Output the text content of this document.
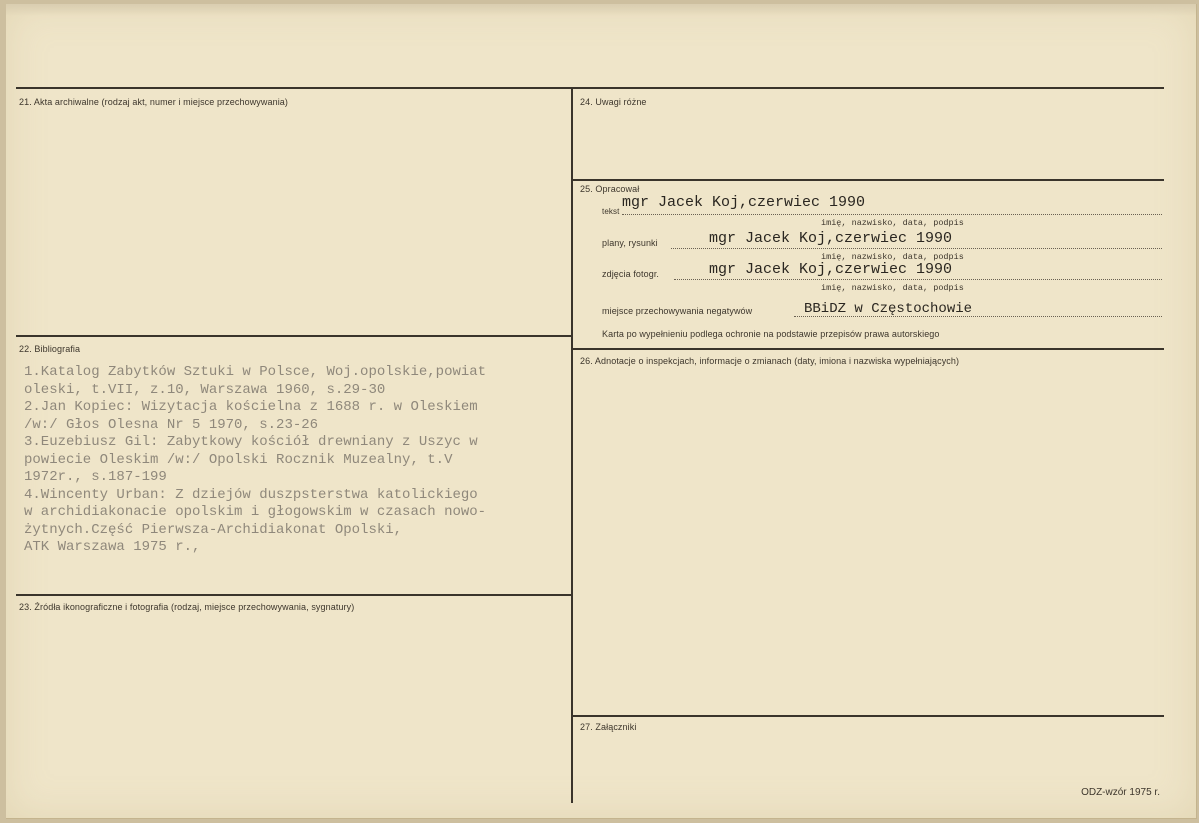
21. Akta archiwalne (rodzaj akt, numer i miejsce przechowywania)
22. Bibliografia
23. Źródła ikonograficzne i fotografia (rodzaj, miejsce przechowywania, sygnatury)
1.Katalog Zabytków Sztuki w Polsce, Woj.opolskie,powiat
oleski, t.VII, z.10, Warszawa 1960, s.29-30
2.Jan Kopiec: Wizytacja kościelna z 1688 r. w Oleskiem
/w:/ Głos Olesna Nr 5 1970, s.23-26
3.Euzebiusz Gil: Zabytkowy kościół drewniany z Uszyc w
powiecie Oleskim /w:/ Opolski Rocznik Muzealny, t.V
1972r., s.187-199
4.Wincenty Urban: Z dziejów duszpsterstwa katolickiego
w archidiakonacie opolskim i głogowskim w czasach nowo-
żytnych.Część Pierwsza-Archidiakonat Opolski,
ATK Warszawa 1975 r.,
24. Uwagi różne
25. Opracował
tekst
mgr Jacek Koj,czerwiec 1990
imię, nazwisko, data, podpis
plany, rysunki	mgr Jacek Koj,czerwiec 1990
imię, nazwisko, data, podpis
zdjęcia fotogr.	mgr Jacek Koj,czerwiec 1990
imię, nazwisko, data, podpis
miejsce przechowywania negatywów	BBiDZ w Częstochowie
Karta po wypełnieniu podlega ochronie na podstawie przepisów prawa autorskiego
26. Adnotacje o inspekcjach, informacje o zmianach (daty, imiona i nazwiska wypełniających)
27. Załączniki
ODZ-wzór 1975 r.
